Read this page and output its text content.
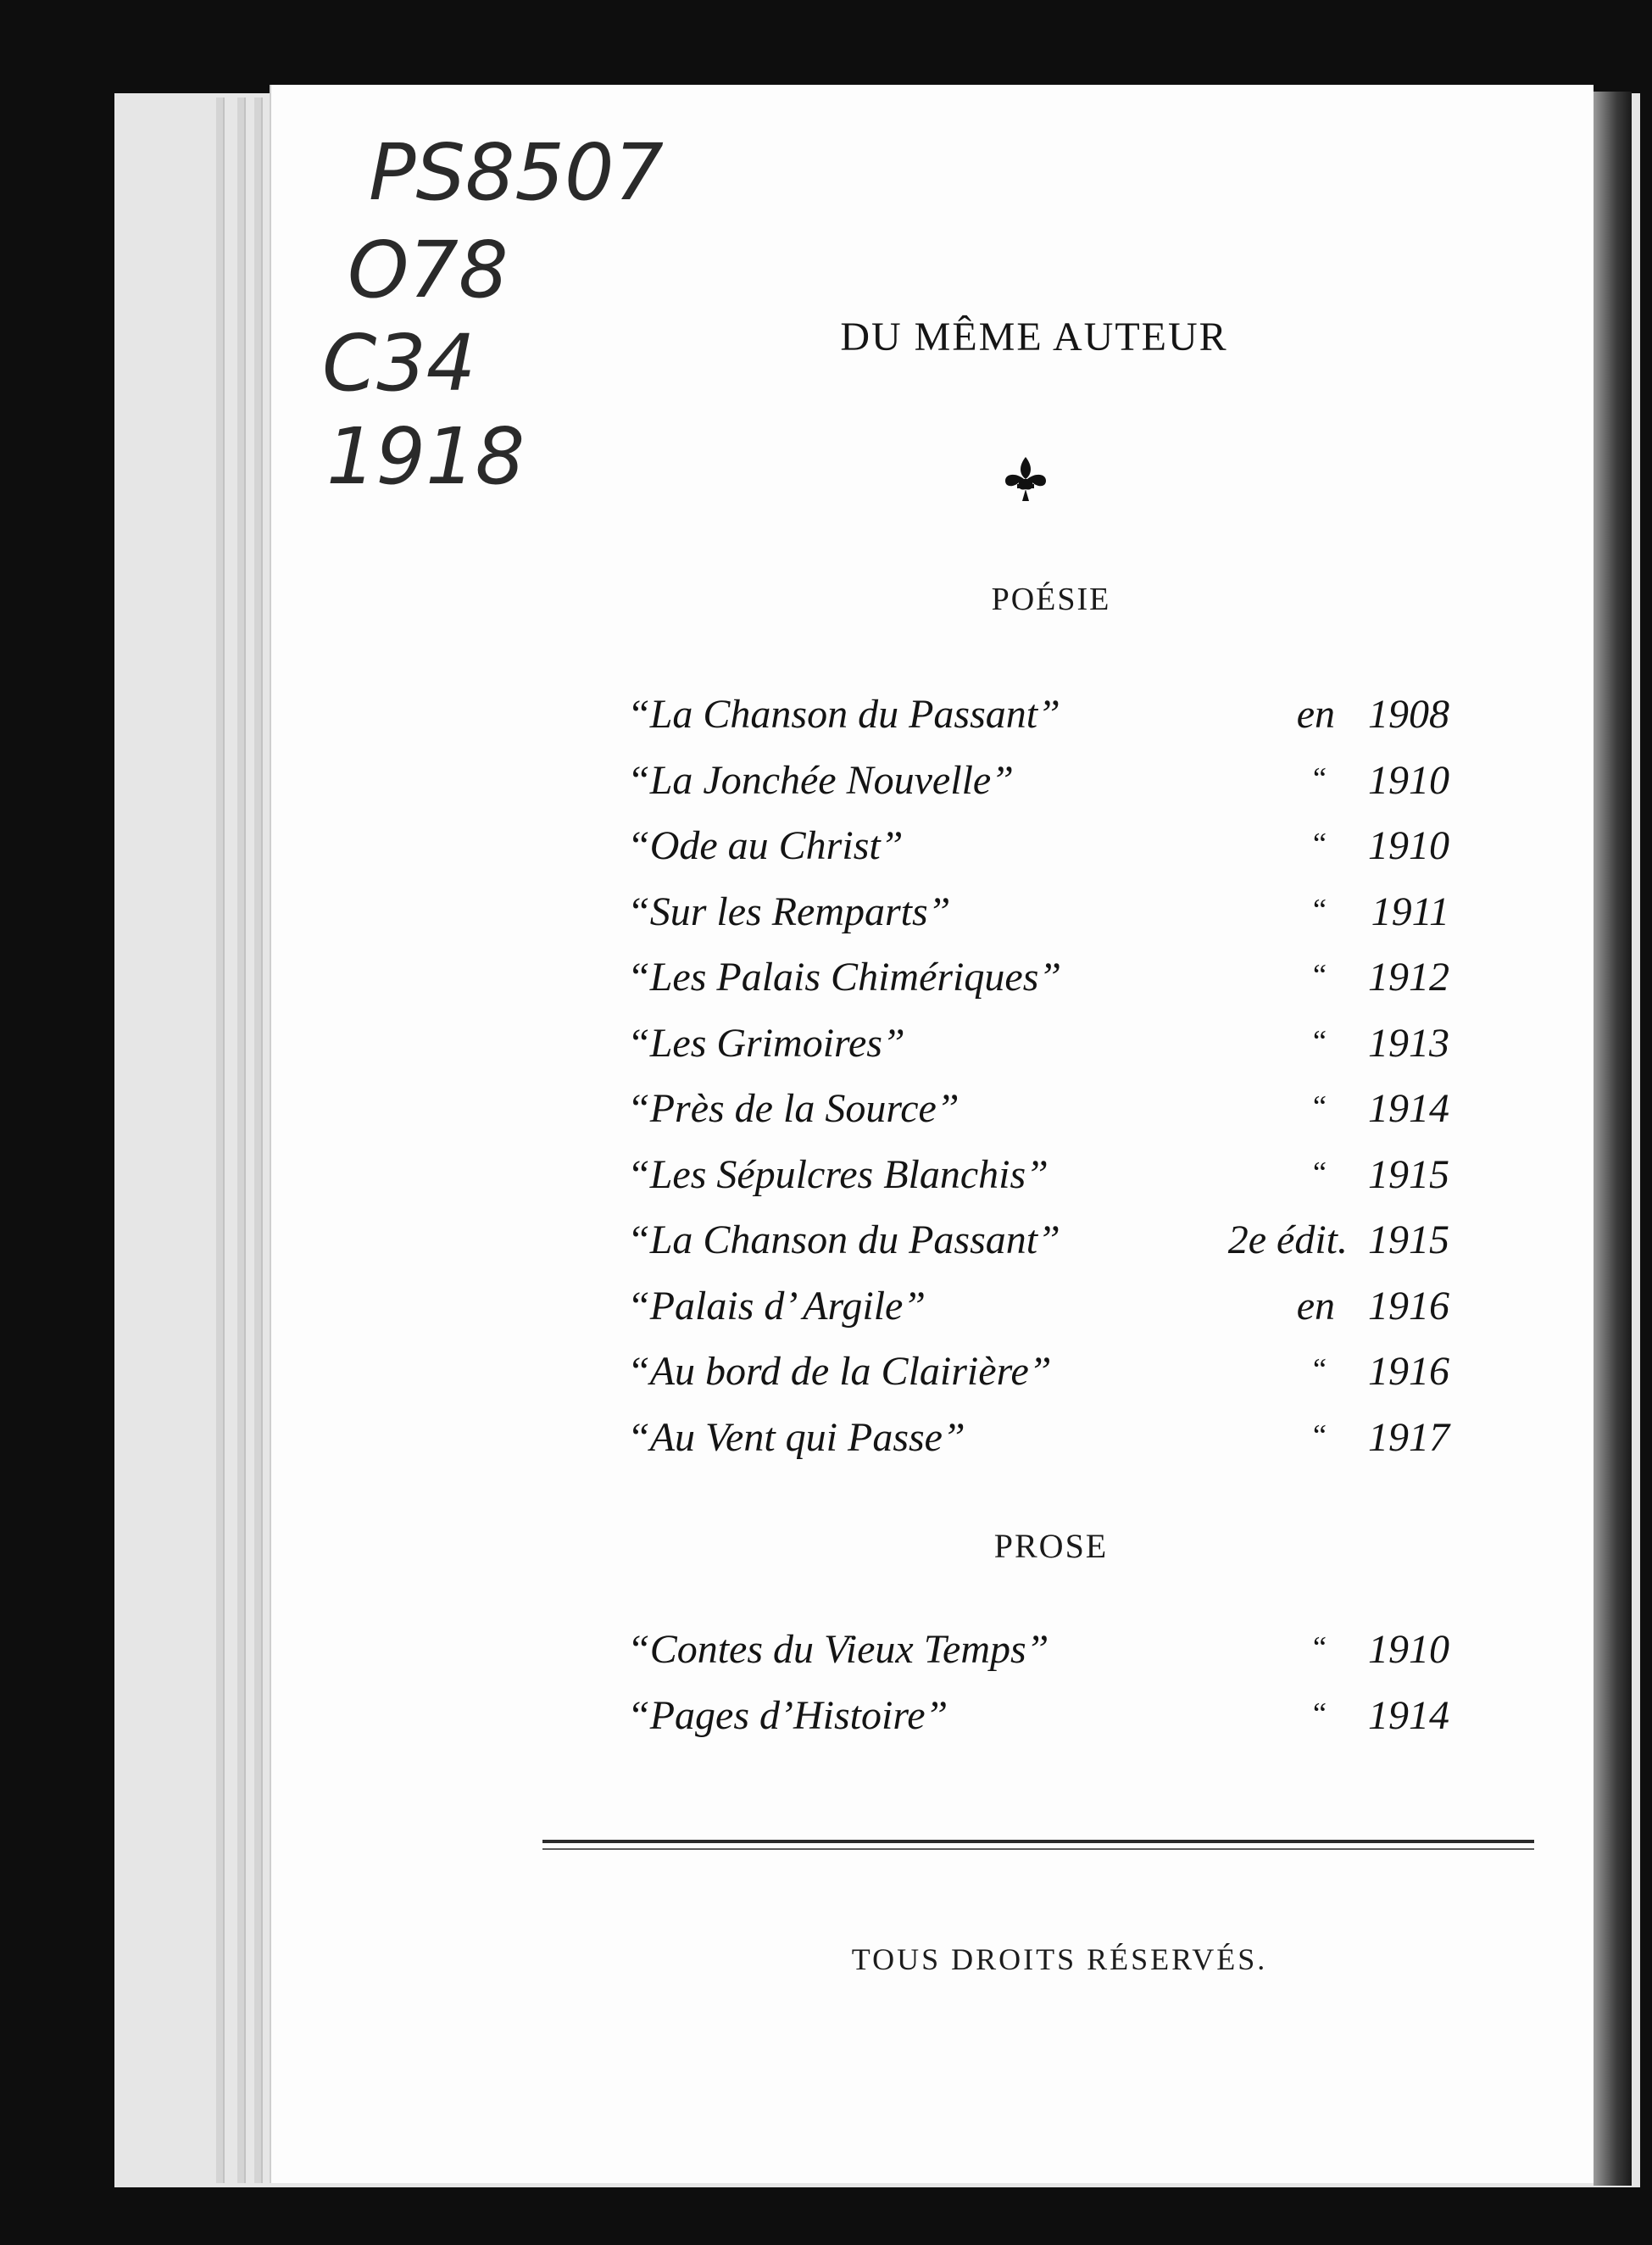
PS8507
O78
C34
1918
DU MÊME AUTEUR
POÉSIE
“La Chanson du Passant”	en 1908
“La Jonchée Nouvelle”	“ 1910
“Ode au Christ”	“ 1910
“Sur les Remparts”	“ 1911
“Les Palais Chimériques”	“ 1912
“Les Grimoires”	“ 1913
“Près de la Source”	“ 1914
“Les Sépulcres Blanchis”	“ 1915
“La Chanson du Passant”	2e édit. 1915
“Palais d’ Argile”	en 1916
“Au bord de la Clairière”	“ 1916
“Au Vent qui Passe”	“ 1917
PROSE
“Contes du Vieux Temps”	“ 1910
“Pages d’Histoire”	“ 1914
TOUS DROITS RÉSERVÉS.
